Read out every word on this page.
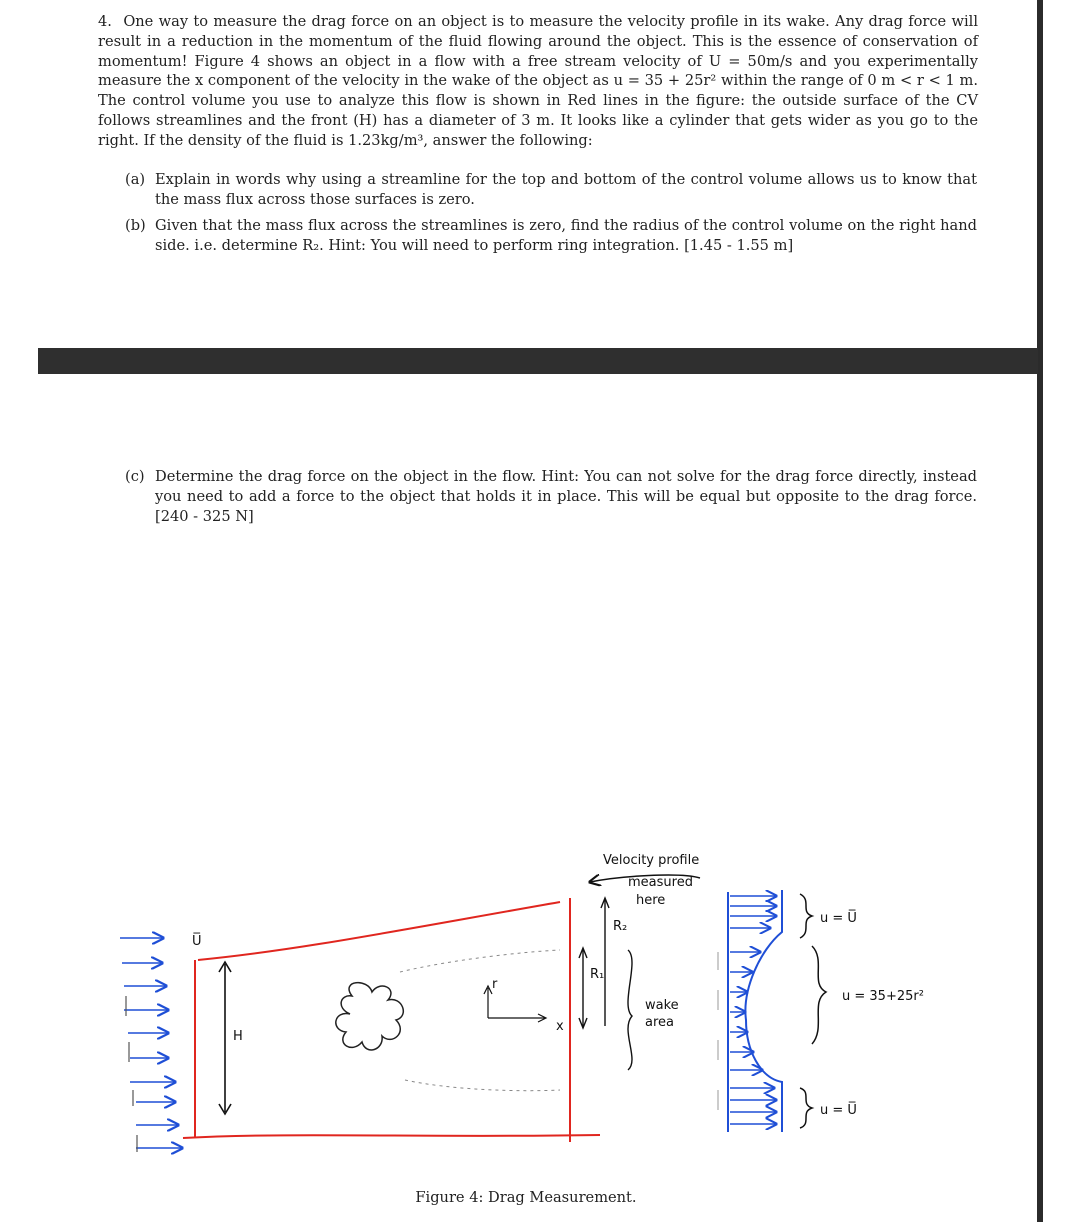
4. One way to measure the drag force on an object is to measure the velocity profile in its wake. Any drag force will result in a reduction in the momentum of the fluid flowing around the object. This is the essence of conservation of momentum! Figure 4 shows an object in a flow with a free stream velocity of U = 50m/s and you experimentally measure the x component of the velocity in the wake of the object as u = 35 + 25r² within the range of 0 m < r < 1 m. The control volume you use to analyze this flow is shown in Red lines in the figure: the outside surface of the CV follows streamlines and the front (H) has a diameter of 3 m. It looks like a cylinder that gets wider as you go to the right. If the density of the fluid is 1.23kg/m³, answer the following:
(a) Explain in words why using a streamline for the top and bottom of the control volume allows us to know that the mass flux across those surfaces is zero.
(b) Given that the mass flux across the streamlines is zero, find the radius of the control volume on the right hand side. i.e. determine R₂. Hint: You will need to perform ring integration. [1.45 - 1.55 m]
(c) Determine the drag force on the object in the flow. Hint: You can not solve for the drag force directly, instead you need to add a force to the object that holds it in place. This will be equal but opposite to the drag force. [240 - 325 N]
U̅
H
r
x
R₂
R₁
wake
area
Velocity profile
measured
here
u = U̅
u = 35+25r²
u = U̅
Figure 4: Drag Measurement.
